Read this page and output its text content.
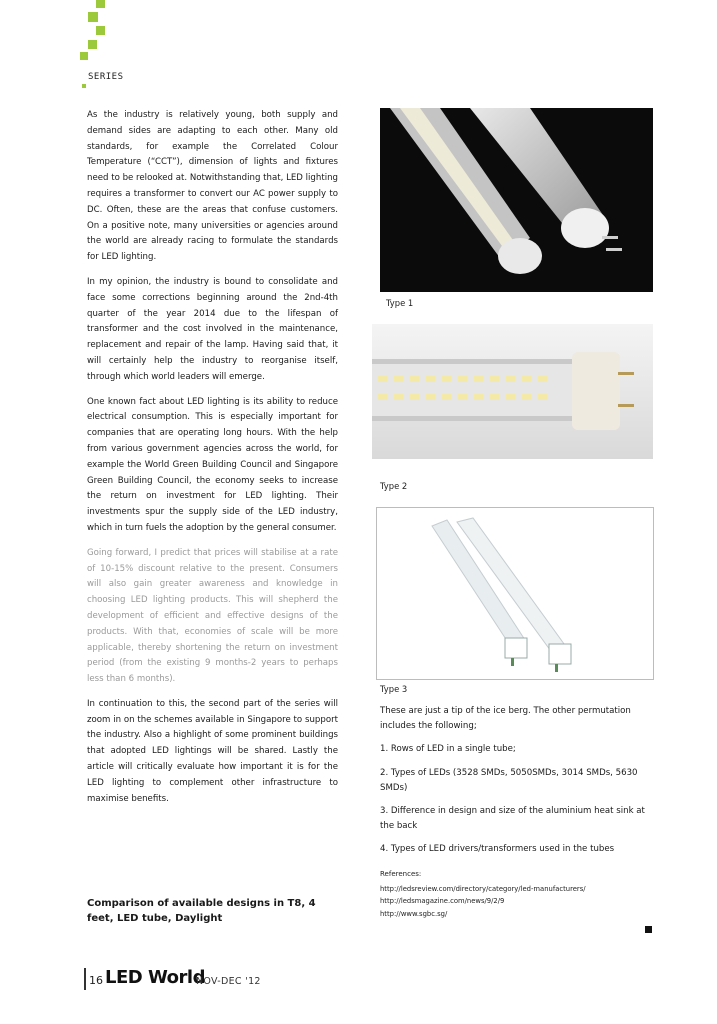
SERIES

As the industry is relatively young, both supply and demand sides are adapting to each other. Many old standards, for example the Correlated Colour Temperature (“CCT”), dimension of lights and fixtures need to be relooked at. Notwithstanding that, LED lighting requires a transformer to convert our AC power supply to DC. Often, these are the areas that confuse customers. On a positive note, many universities or agencies around the world are already racing to formulate the standards for LED lighting.

In my opinion, the industry is bound to consolidate and face some corrections beginning around the 2nd-4th quarter of the year 2014 due to the lifespan of transformer and the cost involved in the maintenance, replacement and repair of the lamp. Having said that, it will certainly help the industry to reorganise itself, through which world leaders will emerge.

One known fact about LED lighting is its ability to reduce electrical consumption. This is especially important for companies that are operating long hours. With the help from various government agencies across the world, for example the World Green Building Council and Singapore Green Building Council, the economy seeks to increase the return on investment for LED lighting. Their investments spur the supply side of the LED industry, which in turn fuels the adoption by the general consumer.

Going forward, I predict that prices will stabilise at a rate of 10-15% discount relative to the present. Consumers will also gain greater awareness and knowledge in choosing LED lighting products. This will shepherd the development of efficient and effective designs of the products. With that, economies of scale will be more applicable, thereby shortening the return on investment period (from the existing 9 months-2 years to perhaps less than 6 months).

In continuation to this, the second part of the series will zoom in on the schemes available in Singapore to support the industry. Also a highlight of some prominent buildings that adopted LED lightings will be shared. Lastly the article will critically evaluate how important it is for the LED lighting to complement other infrastructure to maximise benefits.

Comparison of available designs in T8, 4 feet, LED tube, Daylight
Type 1
Type 2
Type 3

These are just a tip of the ice berg. The other permutation includes the following;

1. Rows of LED in a single tube;

2. Types of LEDs (3528 SMDs, 5050SMDs, 3014 SMDs, 5630 SMDs)

3. Difference in design and size of the aluminium heat sink at the back

4. Types of LED drivers/transformers used in the tubes

References:
http://ledsreview.com/directory/category/led-manufacturers/
http://ledsmagazine.com/news/9/2/9
http://www.sgbc.sg/
16 LED World
NOV-DEC '12
